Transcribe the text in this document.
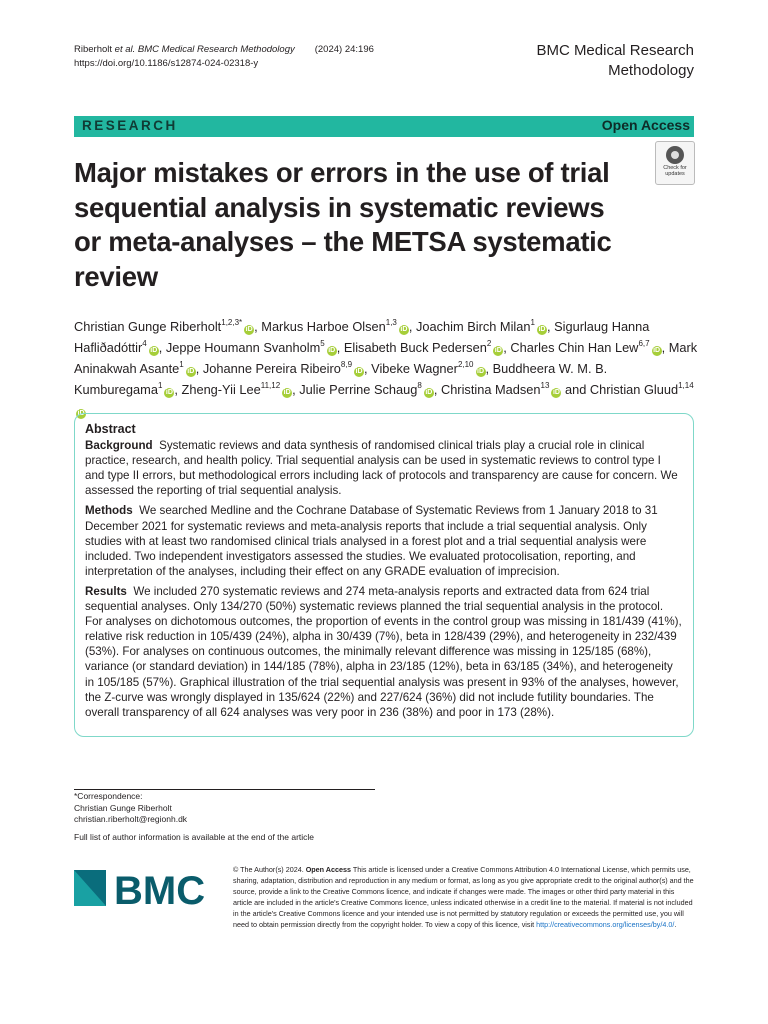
Riberholt et al. BMC Medical Research Methodology (2024) 24:196
https://doi.org/10.1186/s12874-024-02318-y
BMC Medical Research
Methodology
RESEARCH	Open Access
Major mistakes or errors in the use of trial sequential analysis in systematic reviews or meta-analyses – the METSA systematic review
Check for
updates
Christian Gunge Riberholt$^{1,2,3*}$iD , Markus Harboe Olsen$^{1,3}$iD , Joachim Birch Milan$^1$iD , Sigurlaug Hanna Hafliðadóttir$^4$iD , Jeppe Houmann Svanholm$^5$iD , Elisabeth Buck Pedersen$^2$iD , Charles Chin Han Lew$^{6,7}$iD , Mark Aninakwah Asante$^1$iD , Johanne Pereira Ribeiro$^{8,9}$iD , Vibeke Wagner$^{2,10}$iD , Buddheera W. M. B. Kumburegama$^1$iD , Zheng-Yii Lee$^{11,12}$iD , Julie Perrine Schaug$^8$iD , Christina Madsen$^{13}$iD and Christian Gluud$^{1,14}$iD
Abstract

Background Systematic reviews and data synthesis of randomised clinical trials play a crucial role in clinical practice, research, and health policy. Trial sequential analysis can be used in systematic reviews to control type I and type II errors, but methodological errors including lack of protocols and transparency are cause for concern. We assessed the reporting of trial sequential analysis.

Methods We searched Medline and the Cochrane Database of Systematic Reviews from 1 January 2018 to 31 December 2021 for systematic reviews and meta-analysis reports that include a trial sequential analysis. Only studies with at least two randomised clinical trials analysed in a forest plot and a trial sequential analysis were included. Two independent investigators assessed the studies. We evaluated protocolisation, reporting, and interpretation of the analyses, including their effect on any GRADE evaluation of imprecision.

Results We included 270 systematic reviews and 274 meta-analysis reports and extracted data from 624 trial sequential analyses. Only 134/270 (50%) systematic reviews planned the trial sequential analysis in the protocol. For analyses on dichotomous outcomes, the proportion of events in the control group was missing in 181/439 (41%), relative risk reduction in 105/439 (24%), alpha in 30/439 (7%), beta in 128/439 (29%), and heterogeneity in 232/439 (53%). For analyses on continuous outcomes, the minimally relevant difference was missing in 125/185 (68%), variance (or standard deviation) in 144/185 (78%), alpha in 23/185 (12%), beta in 63/185 (34%), and heterogeneity in 105/185 (57%). Graphical illustration of the trial sequential analysis was present in 93% of the analyses, however, the Z-curve was wrongly displayed in 135/624 (22%) and 227/624 (36%) did not include futility boundaries. The overall transparency of all 624 analyses was very poor in 236 (38%) and poor in 173 (28%).

*Correspondence:
Christian Gunge Riberholt
christian.riberholt@regionh.dk
Full list of author information is available at the end of the article
BMC	© The Author(s) 2024. Open Access This article is licensed under a Creative Commons Attribution 4.0 International License, which permits use, sharing, adaptation, distribution and reproduction in any medium or format, as long as you give appropriate credit to the original author(s) and the source, provide a link to the Creative Commons licence, and indicate if changes were made. The images or other third party material in this article are included in the article's Creative Commons licence, unless indicated otherwise in a credit line to the material. If material is not included in the article's Creative Commons licence and your intended use is not permitted by statutory regulation or exceeds the permitted use, you will need to obtain permission directly from the copyright holder. To view a copy of this licence, visit http://creativecommons.org/licenses/by/4.0/.
